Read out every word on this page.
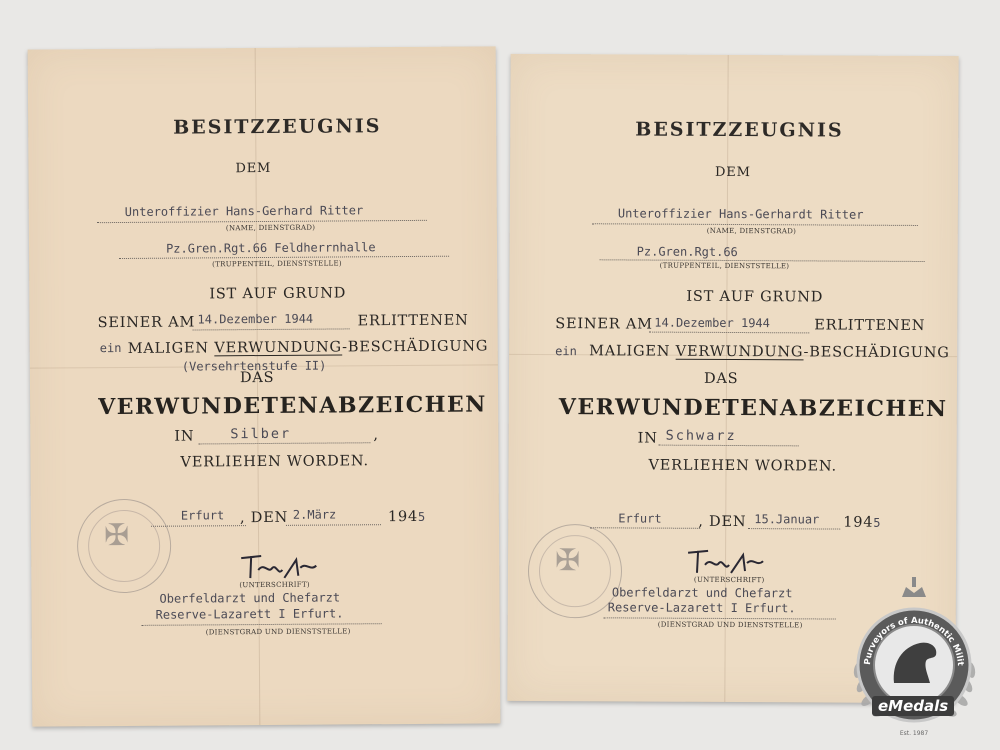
BESITZZEUGNIS
DEM
Unteroffizier Hans-Gerhard Ritter
(NAME, DIENSTGRAD)
Pz.Gren.Rgt.66 Feldherrnhalle
(TRUPPENTEIL, DIENSTSTELLE)
IST AUF GRUND
SEINER AM 14.Dezember 1944	ERLITTENEN
ein MALIGEN VERWUNDUNG-BESCHÄDIGUNG
(Versehrtenstufe II)
DAS
VERWUNDETENABZEICHEN
IN	Silber	,
VERLIEHEN WORDEN.
Erfurt , DEN 2.März	1945
✠
(UNTERSCHRIFT)
Oberfeldarzt und Chefarzt
Reserve-Lazarett I Erfurt.
(DIENSTGRAD UND DIENSTSTELLE)
BESITZZEUGNIS
DEM
Unteroffizier Hans-Gerhardt Ritter
(NAME, DIENSTGRAD)
Pz.Gren.Rgt.66
(TRUPPENTEIL, DIENSTSTELLE)
IST AUF GRUND
SEINER AM 14.Dezember 1944	ERLITTENEN
ein MALIGEN VERWUNDUNG-BESCHÄDIGUNG
DAS
VERWUNDETENABZEICHEN
IN Schwarz
VERLIEHEN WORDEN.
Erfurt	, DEN 15.Januar 1945
✠
(UNTERSCHRIFT)
Oberfeldarzt und Chefarzt
Reserve-Lazarett I Erfurt.
(DIENSTGRAD UND DIENSTSTELLE)
Purveyors of Authentic Milit
Est. 1987
eMedals
